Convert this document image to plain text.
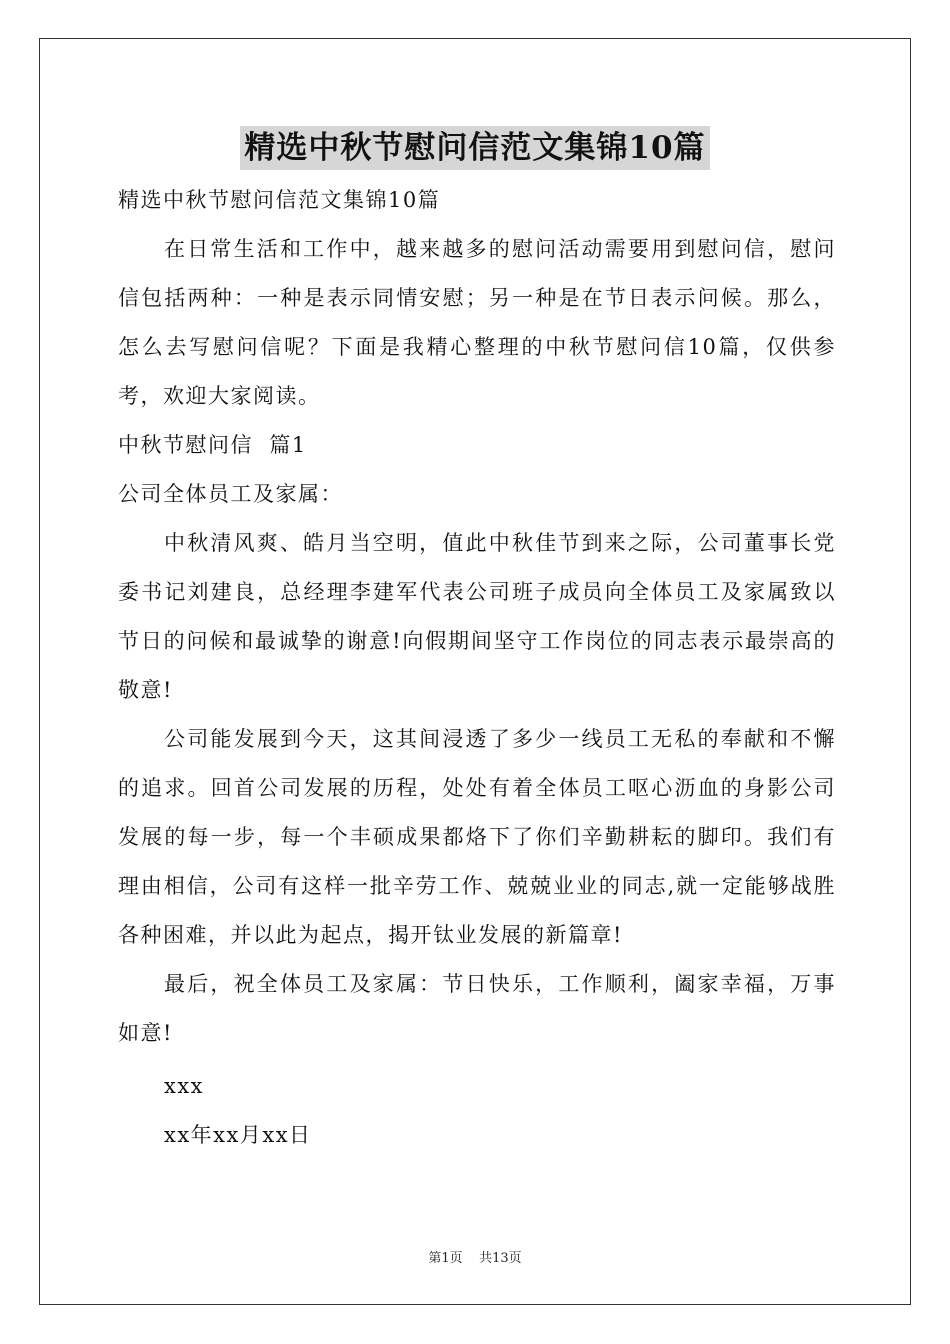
精选中秋节慰问信范文集锦10篇

精选中秋节慰问信范文集锦10篇

在日常生活和工作中，越来越多的慰问活动需要用到慰问信，慰问信包括两种：一种是表示同情安慰；另一种是在节日表示问候。那么，怎么去写慰问信呢？下面是我精心整理的中秋节慰问信10篇，仅供参考，欢迎大家阅读。

中秋节慰问信  篇1

公司全体员工及家属：

中秋清风爽、皓月当空明，值此中秋佳节到来之际，公司董事长党委书记刘建良，总经理李建军代表公司班子成员向全体员工及家属致以节日的问候和最诚挚的谢意!向假期间坚守工作岗位的同志表示最崇高的敬意!

公司能发展到今天，这其间浸透了多少一线员工无私的奉献和不懈的追求。回首公司发展的历程，处处有着全体员工呕心沥血的身影公司发展的每一步，每一个丰硕成果都烙下了你们辛勤耕耘的脚印。我们有理由相信，公司有这样一批辛劳工作、兢兢业业的同志,就一定能够战胜各种困难，并以此为起点，揭开钛业发展的新篇章!

最后，祝全体员工及家属：节日快乐，工作顺利，阖家幸福，万事如意!

xxx

xx年xx月xx日

第1页    共13页
